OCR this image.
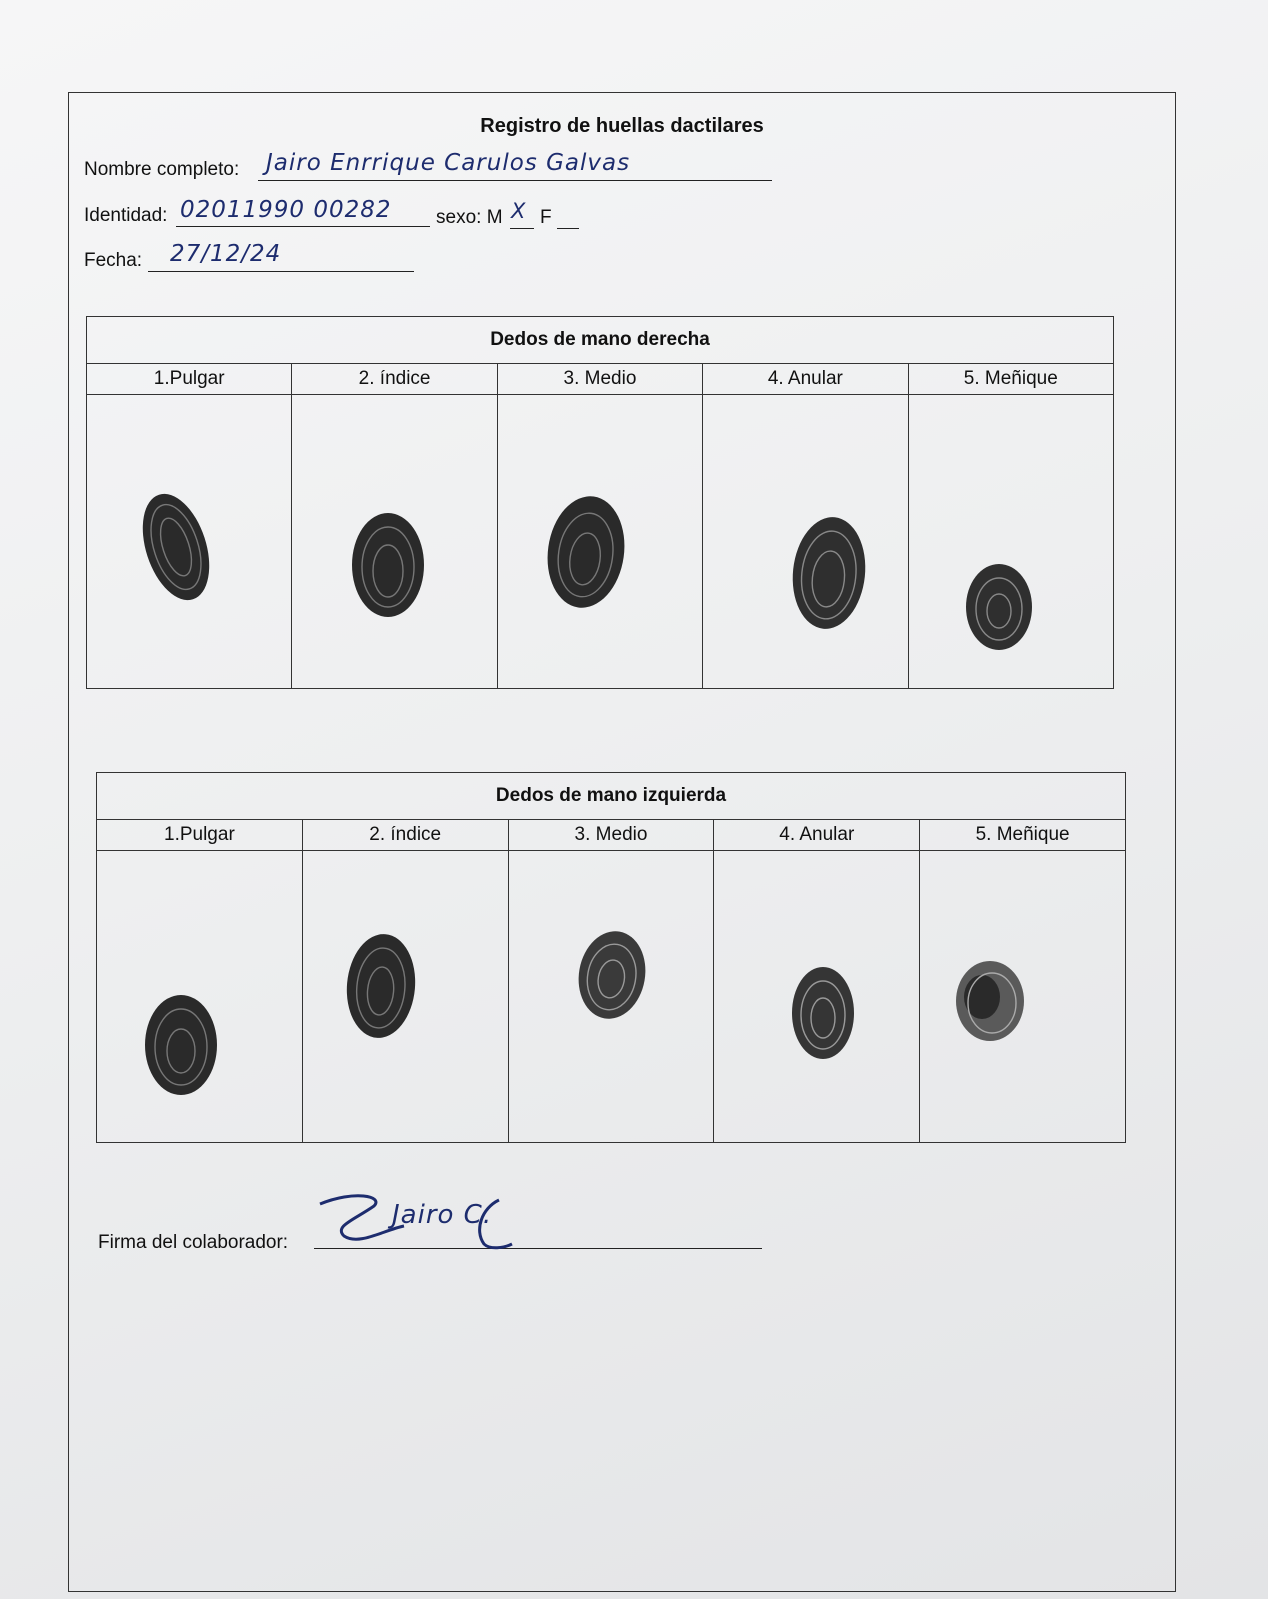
Registro de huellas dactilares
Nombre completo: Jairo Enrrique Carulos Galvas
Identidad: 02011990 00282 sexo: M X F
Fecha: 27/12/24
Dedos de mano derecha				
1.Pulgar	2. índice	3. Medio	4. Anular	5. Meñique

Dedos de mano izquierda				
1.Pulgar	2. índice	3. Medio	4. Anular	5. Meñique

Firma del colaborador:
Jairo C.
